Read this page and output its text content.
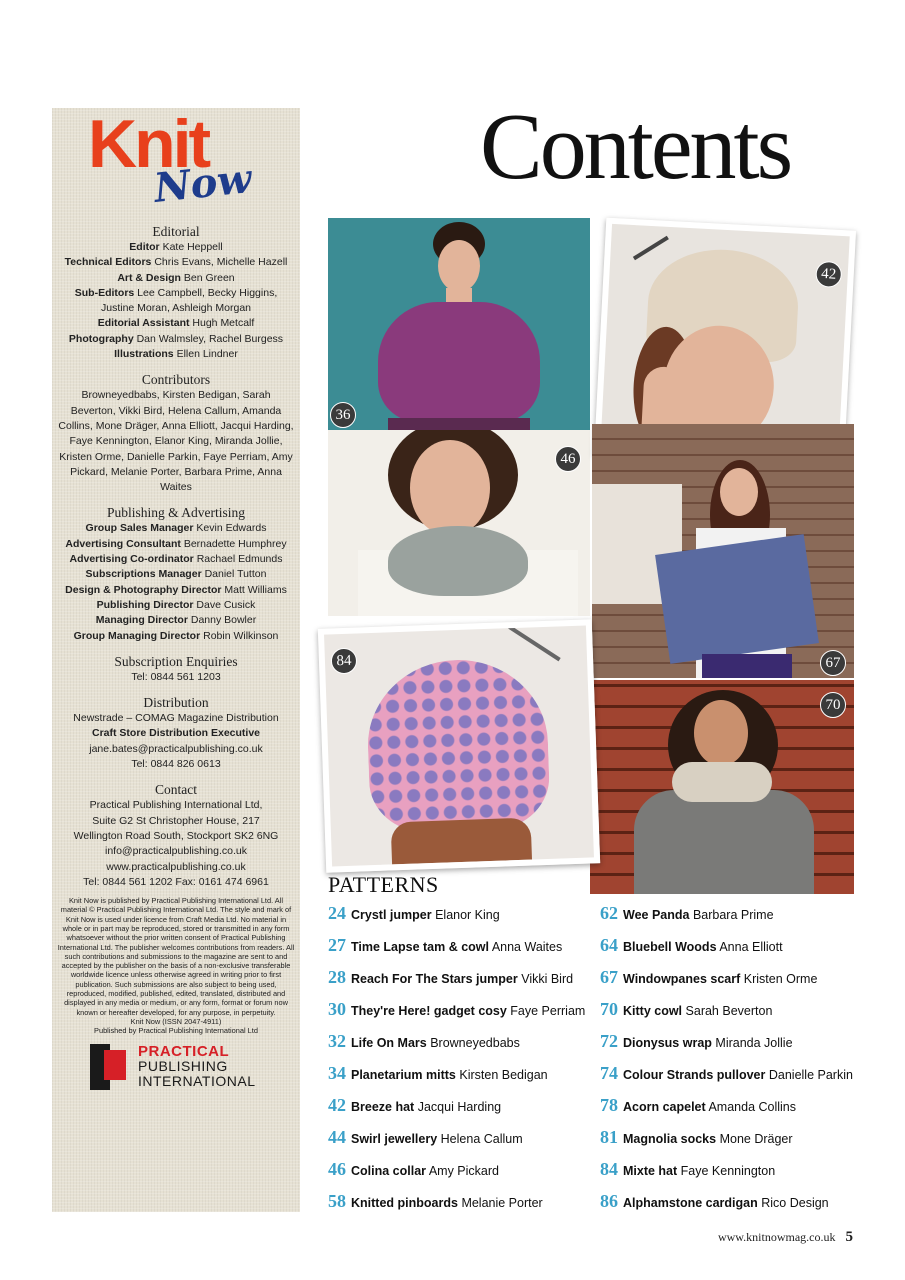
Knit
Now
Editorial
Editor Kate Heppell
Technical Editors Chris Evans, Michelle Hazell
Art & Design Ben Green
Sub-Editors Lee Campbell, Becky Higgins, Justine Moran, Ashleigh Morgan
Editorial Assistant Hugh Metcalf
Photography Dan Walmsley, Rachel Burgess
Illustrations Ellen Lindner
Contributors
Browneyedbabs, Kirsten Bedigan, Sarah Beverton, Vikki Bird, Helena Callum, Amanda Collins, Mone Dräger, Anna Elliott, Jacqui Harding, Faye Kennington, Elanor King, Miranda Jollie, Kristen Orme, Danielle Parkin, Faye Perriam, Amy Pickard, Melanie Porter, Barbara Prime, Anna Waites
Publishing & Advertising
Group Sales Manager Kevin Edwards
Advertising Consultant Bernadette Humphrey
Advertising Co-ordinator Rachael Edmunds
Subscriptions Manager Daniel Tutton
Design & Photography Director Matt Williams
Publishing Director Dave Cusick
Managing Director Danny Bowler
Group Managing Director Robin Wilkinson
Subscription Enquiries
Tel: 0844 561 1203
Distribution
Newstrade – COMAG Magazine Distribution
Craft Store Distribution Executive
jane.bates@practicalpublishing.co.uk
Tel: 0844 826 0613
Contact
Practical Publishing International Ltd,
Suite G2 St Christopher House, 217
Wellington Road South, Stockport SK2 6NG
info@practicalpublishing.co.uk
www.practicalpublishing.co.uk
Tel: 0844 561 1202 Fax: 0161 474 6961
Knit Now is published by Practical Publishing International Ltd. All material © Practical Publishing International Ltd. The style and mark of Knit Now is used under licence from Craft Media Ltd. No material in whole or in part may be reproduced, stored or transmitted in any form whatsoever without the prior written consent of Practical Publishing International Ltd. The publisher welcomes contributions from readers. All such contributions and submissions to the magazine are sent to and accepted by the publisher on the basis of a non-exclusive transferable worldwide licence unless otherwise agreed in writing prior to first publication. Such submissions are also subject to being used, reproduced, modified, published, edited, translated, distributed and displayed in any media or medium, or any form, format or forum now known or hereafter developed, for any purpose, in perpetuity.
Knit Now (ISSN 2047-4911)
Published by Practical Publishing International Ltd
PRACTICAL
PUBLISHING
INTERNATIONAL
Contents
36
46
42
67
70
84
PATTERNS
24 Crystl jumper Elanor King
27 Time Lapse tam & cowl Anna Waites
28 Reach For The Stars jumper Vikki Bird
30 They're Here! gadget cosy Faye Perriam
32 Life On Mars Browneyedbabs
34 Planetarium mitts Kirsten Bedigan
42 Breeze hat Jacqui Harding
44 Swirl jewellery Helena Callum
46 Colina collar Amy Pickard
58 Knitted pinboards Melanie Porter
62 Wee Panda Barbara Prime
64 Bluebell Woods Anna Elliott
67 Windowpanes scarf Kristen Orme
70 Kitty cowl Sarah Beverton
72 Dionysus wrap Miranda Jollie
74 Colour Strands pullover Danielle Parkin
78 Acorn capelet Amanda Collins
81 Magnolia socks Mone Dräger
84 Mixte hat Faye Kennington
86 Alphamstone cardigan Rico Design
www.knitnowmag.co.uk 5
